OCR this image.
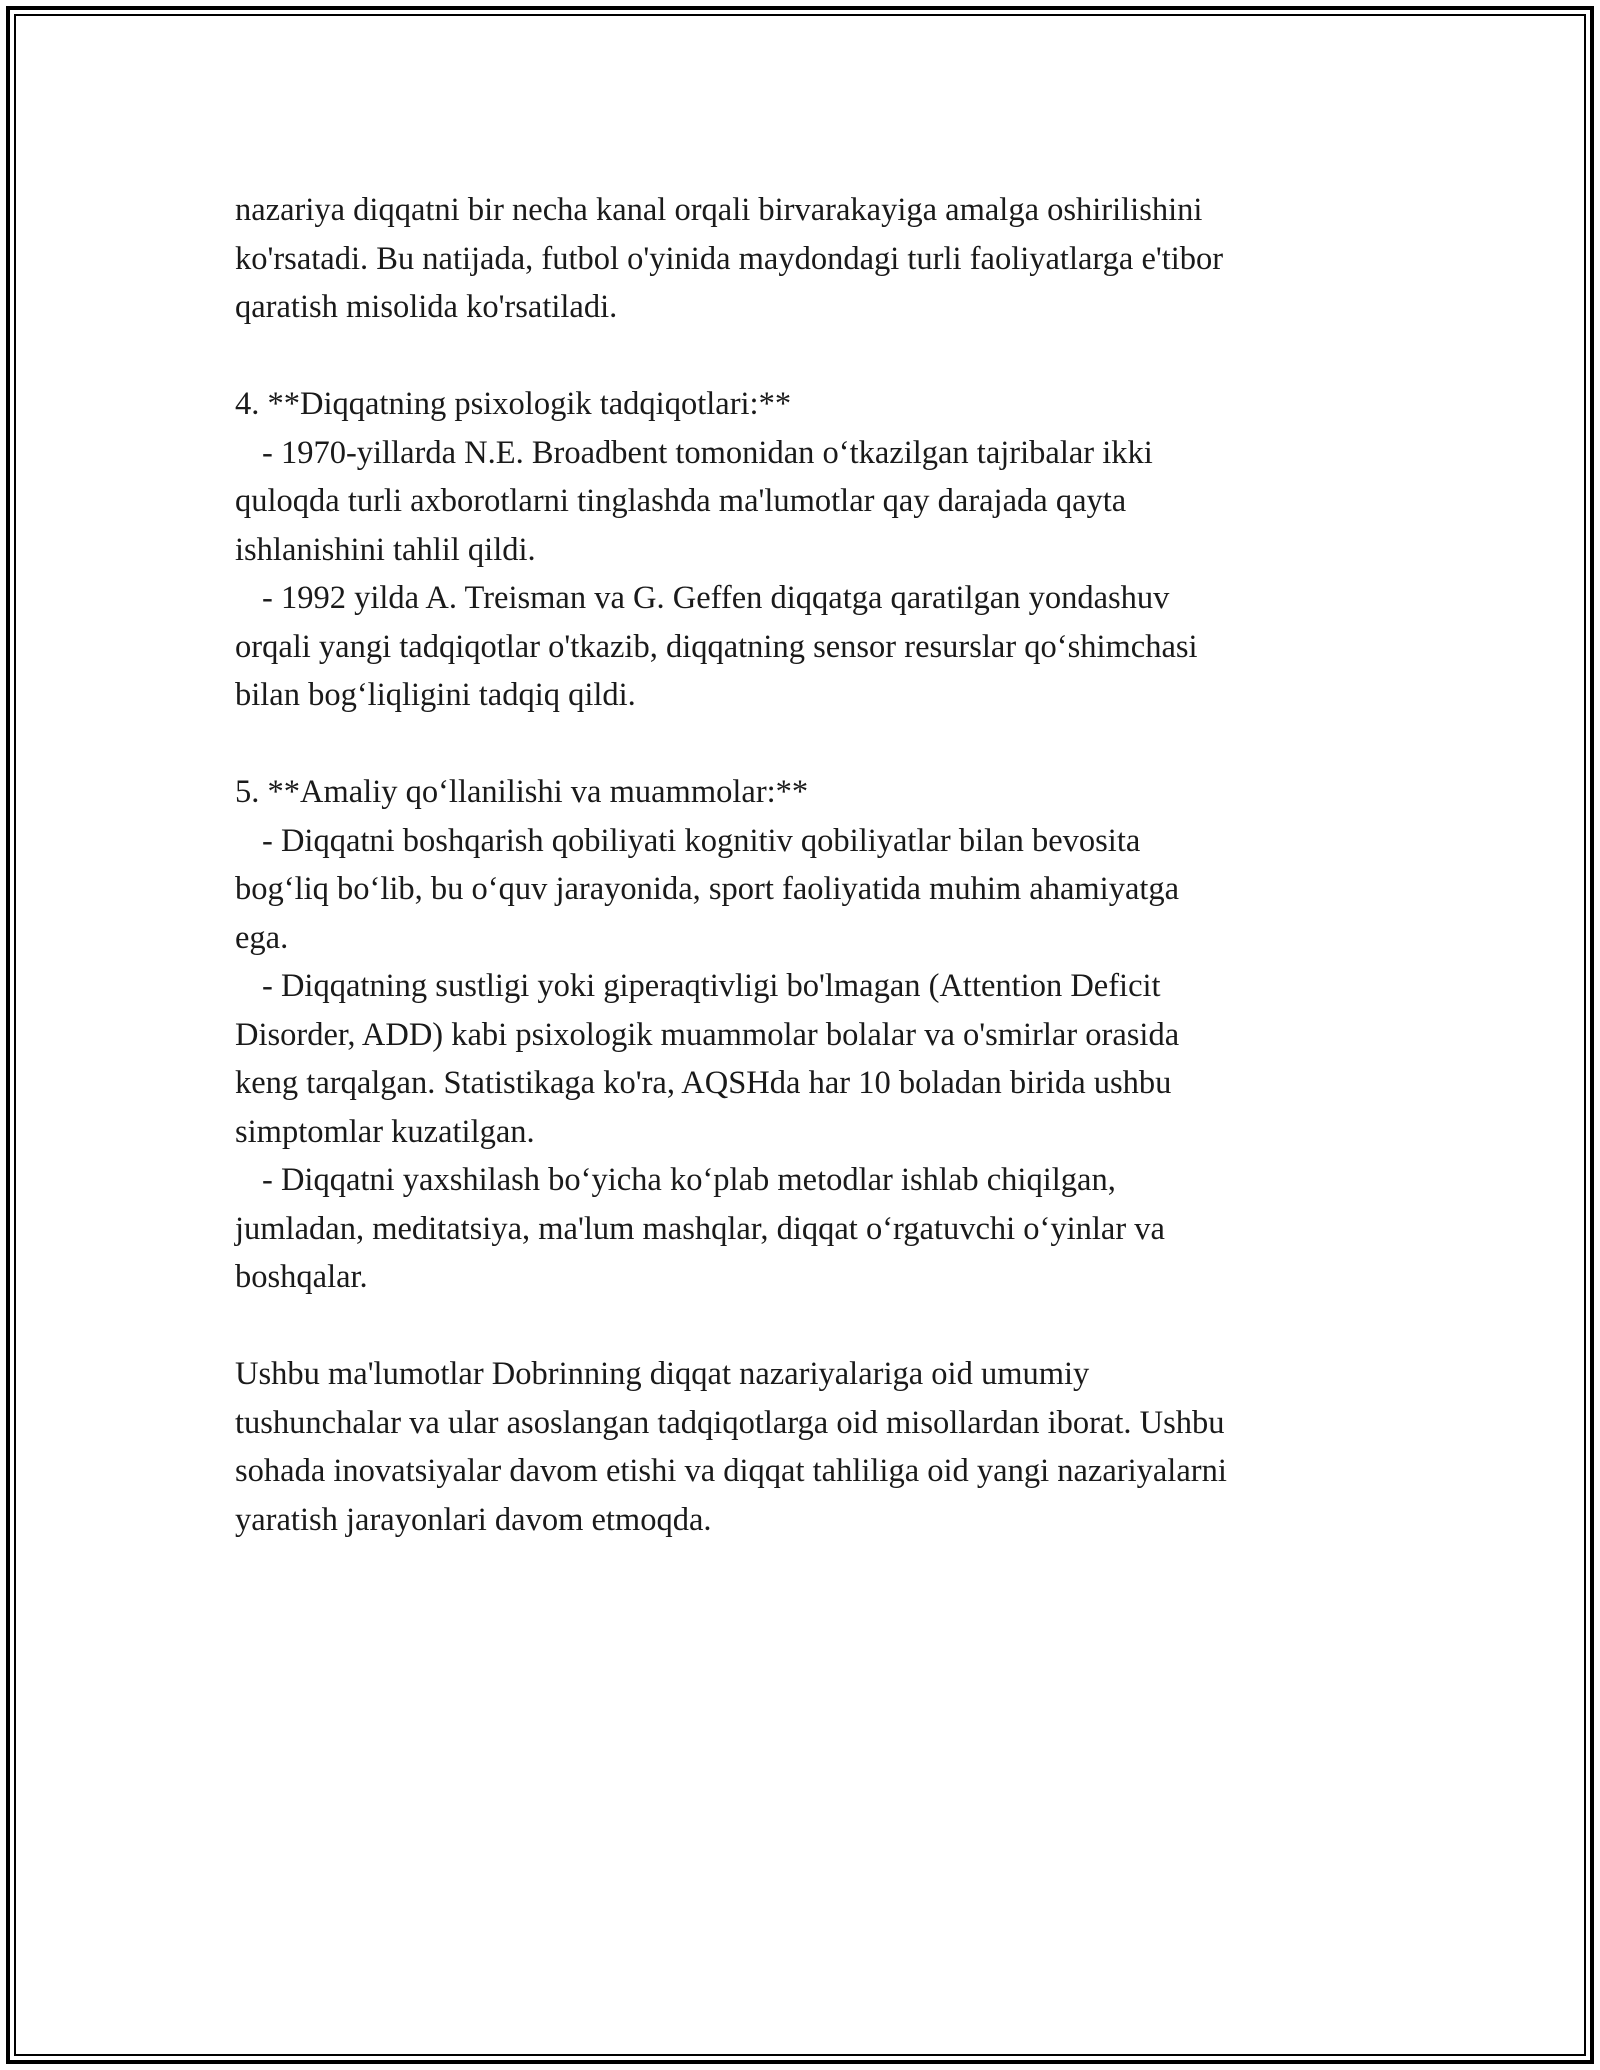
nazariya diqqatni bir necha kanal orqali birvarakayiga amalga oshirilishini
ko'rsatadi. Bu natijada, futbol o'yinida maydondagi turli faoliyatlarga e'tibor
qaratish misolida ko'rsatiladi.
4. **Diqqatning psixologik tadqiqotlari:**
- 1970-yillarda N.E. Broadbent tomonidan o‘tkazilgan tajribalar ikki
quloqda turli axborotlarni tinglashda ma'lumotlar qay darajada qayta
ishlanishini tahlil qildi.
- 1992 yilda A. Treisman va G. Geffen diqqatga qaratilgan yondashuv
orqali yangi tadqiqotlar o'tkazib, diqqatning sensor resurslar qo‘shimchasi
bilan bog‘liqligini tadqiq qildi.
5. **Amaliy qo‘llanilishi va muammolar:**
- Diqqatni boshqarish qobiliyati kognitiv qobiliyatlar bilan bevosita
bog‘liq bo‘lib, bu o‘quv jarayonida, sport faoliyatida muhim ahamiyatga
ega.
- Diqqatning sustligi yoki giperaqtivligi bo'lmagan (Attention Deficit
Disorder, ADD) kabi psixologik muammolar bolalar va o'smirlar orasida
keng tarqalgan. Statistikaga ko'ra, AQSHda har 10 boladan birida ushbu
simptomlar kuzatilgan.
- Diqqatni yaxshilash bo‘yicha ko‘plab metodlar ishlab chiqilgan,
jumladan, meditatsiya, ma'lum mashqlar, diqqat o‘rgatuvchi o‘yinlar va
boshqalar.
Ushbu ma'lumotlar Dobrinning diqqat nazariyalariga oid umumiy
tushunchalar va ular asoslangan tadqiqotlarga oid misollardan iborat. Ushbu
sohada inovatsiyalar davom etishi va diqqat tahliliga oid yangi nazariyalarni
yaratish jarayonlari davom etmoqda.
